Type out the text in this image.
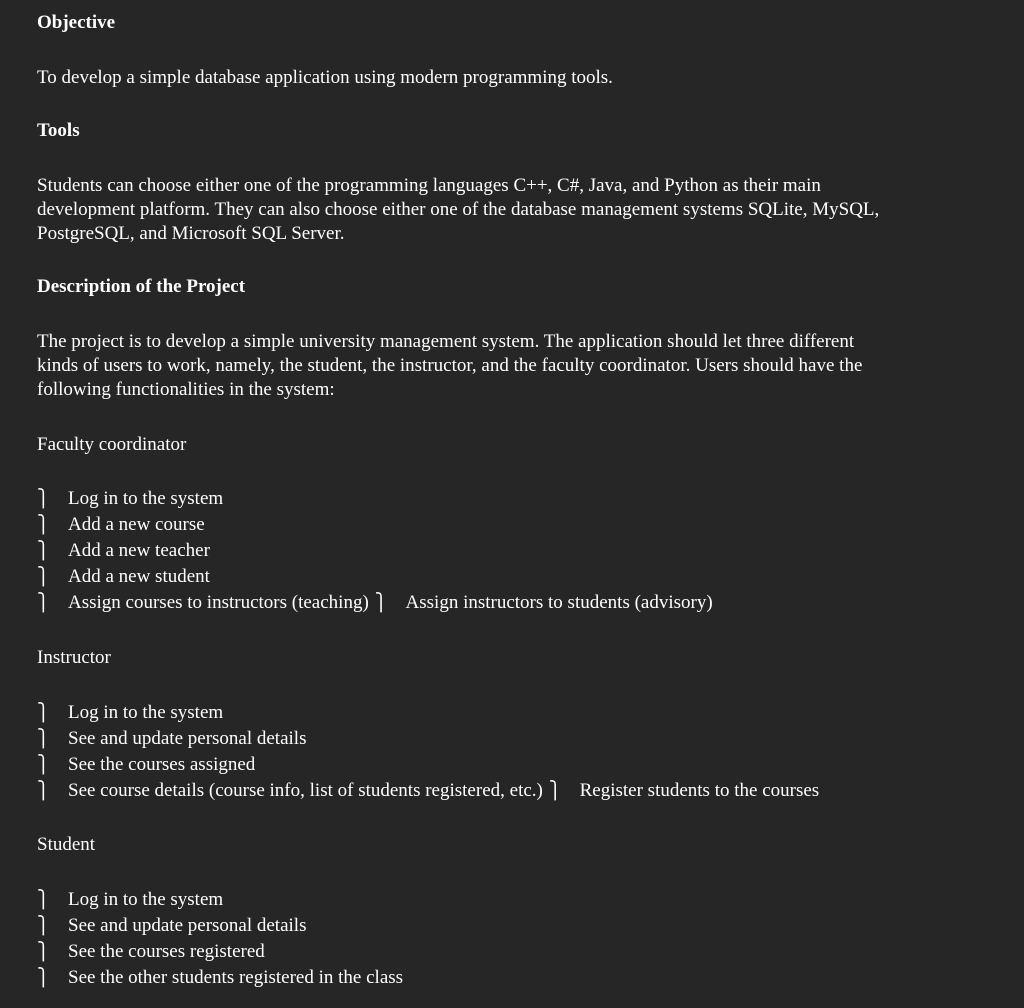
Objective
To develop a simple database application using modern programming tools.
Tools
Students can choose either one of the programming languages C++, C#, Java, and Python as their main
development platform. They can also choose either one of the database management systems SQLite, MySQL,
PostgreSQL, and Microsoft SQL Server.
Description of the Project
The project is to develop a simple university management system. The application should let three different
kinds of users to work, namely, the student, the instructor, and the faculty coordinator. Users should have the
following functionalities in the system:
Faculty coordinator
⎫ Log in to the system
⎫ Add a new course
⎫ Add a new teacher
⎫ Add a new student
⎫ Assign courses to instructors (teaching) ⎫ Assign instructors to students (advisory)
Instructor
⎫ Log in to the system
⎫ See and update personal details
⎫ See the courses assigned
⎫ See course details (course info, list of students registered, etc.) ⎫ Register students to the courses
Student
⎫ Log in to the system
⎫ See and update personal details
⎫ See the courses registered
⎫ See the other students registered in the class
